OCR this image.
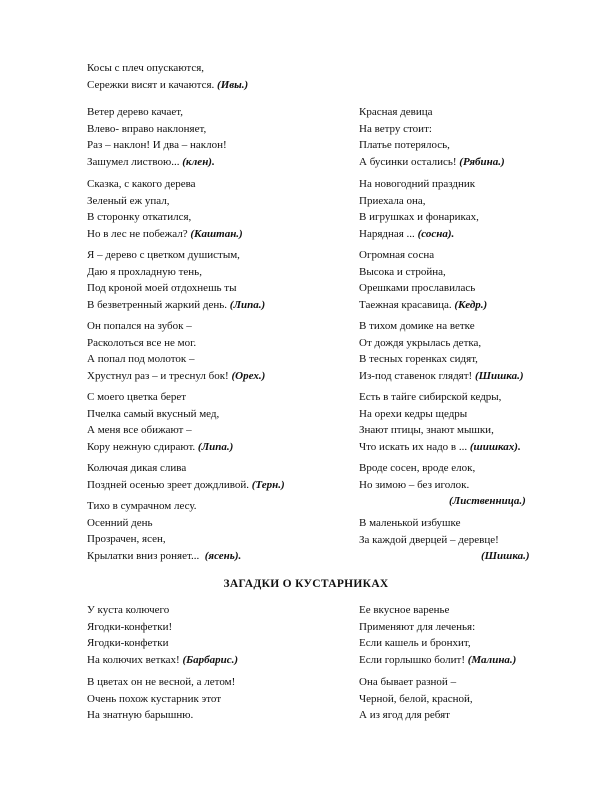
Косы с плеч опускаются,
Сережки висят и качаются. (Ивы.)
Ветер дерево качает,
Влево- вправо наклоняет,
Раз – наклон! И два – наклон!
Зашумел листвою... (клен).
Сказка, с какого дерева
Зеленый еж упал,
В сторонку откатился,
Но в лес не побежал? (Каштан.)
Я – дерево с цветком душистым,
Даю я прохладную тень,
Под кроной моей отдохнешь ты
В безветренный жаркий день. (Липа.)
Он попался на зубок –
Расколоться все не мог.
А попал под молоток –
Хрустнул раз – и треснул бок! (Орех.)
С моего цветка берет
Пчелка самый вкусный мед,
А меня все обижают –
Кору нежную сдирают. (Липа.)
Колючая дикая слива
Поздней осенью зреет дождливой. (Терн.)
Тихо в сумрачном лесу.
Осенний день
Прозрачен, ясен,
Крылатки вниз роняет... (ясень).
Красная девица
На ветру стоит:
Платье потерялось,
А бусинки остались! (Рябина.)
На новогодний праздник
Приехала она,
В игрушках и фонариках,
Нарядная ... (сосна).
Огромная сосна
Высока и стройна,
Орешками прославилась
Таежная красавица. (Кедр.)
В тихом домике на ветке
От дождя укрылась детка,
В тесных горенках сидят,
Из-под ставенок глядят! (Шишка.)
Есть в тайге сибирской кедры,
На орехи кедры щедры
Знают птицы, знают мышки,
Что искать их надо в ... (шишках).
Вроде сосен, вроде елок,
Но зимою – без иголок.
(Лиственница.)
В маленькой избушке
За каждой дверцей – деревце!
(Шишка.)
ЗАГАДКИ О КУСТАРНИКАХ
У куста колючего
Ягодки-конфетки!
Ягодки-конфетки
На колючих ветках! (Барбарис.)
В цветах он не весной, а летом!
Очень похож кустарник этот
На знатную барышню.
Ее вкусное варенье
Применяют для леченья:
Если кашель и бронхит,
Если горлышко болит! (Малина.)
Она бывает разной –
Черной, белой, красной,
А из ягод для ребят
